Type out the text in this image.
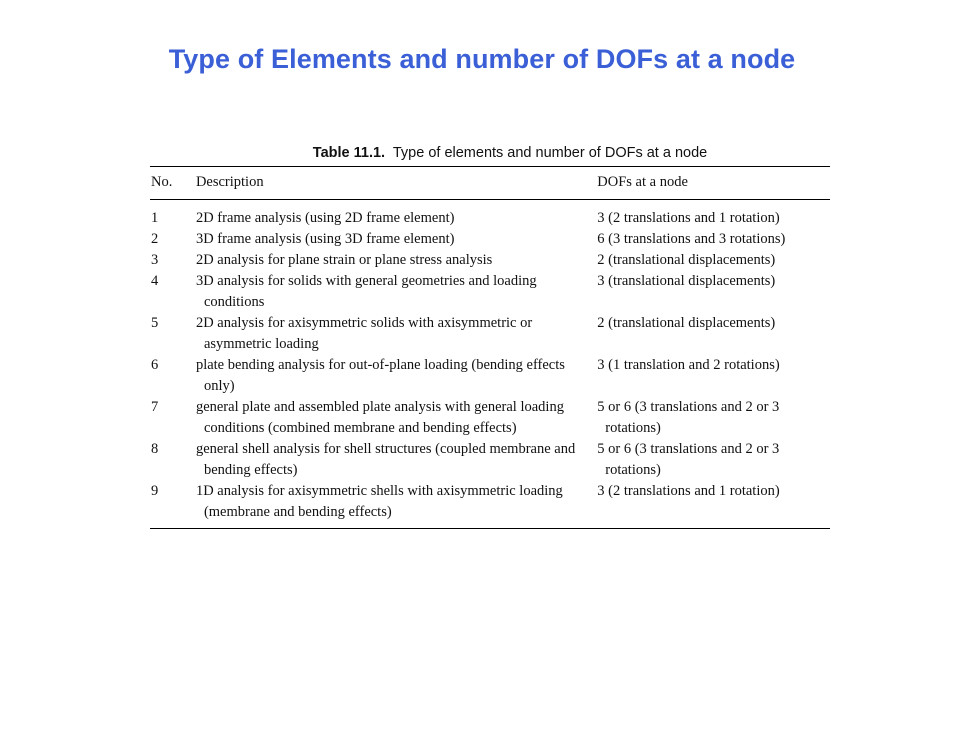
Type of Elements and number of DOFs at a node
Table 11.1. Type of elements and number of DOFs at a node
No.	Description	DOFs at a node
1	2D frame analysis (using 2D frame element)	3 (2 translations and 1 rotation)

2	3D frame analysis (using 3D frame element)	6 (3 translations and 3 rotations)

3	2D analysis for plane strain or plane stress analysis	2 (translational displacements)

4	3D analysis for solids with general geometries and loading conditions	3 (translational displacements)

5	2D analysis for axisymmetric solids with axisymmetric or asymmetric loading	2 (translational displacements)

6	plate bending analysis for out-of-plane loading (bending effects only)	3 (1 translation and 2 rotations)

7	general plate and assembled plate analysis with general loading conditions (combined membrane and bending effects)	5 or 6 (3 translations and 2 or 3 rotations)

8	general shell analysis for shell structures (coupled membrane and bending effects)	5 or 6 (3 translations and 2 or 3 rotations)

9	1D analysis for axisymmetric shells with axisymmetric loading (membrane and bending effects)	3 (2 translations and 1 rotation)
